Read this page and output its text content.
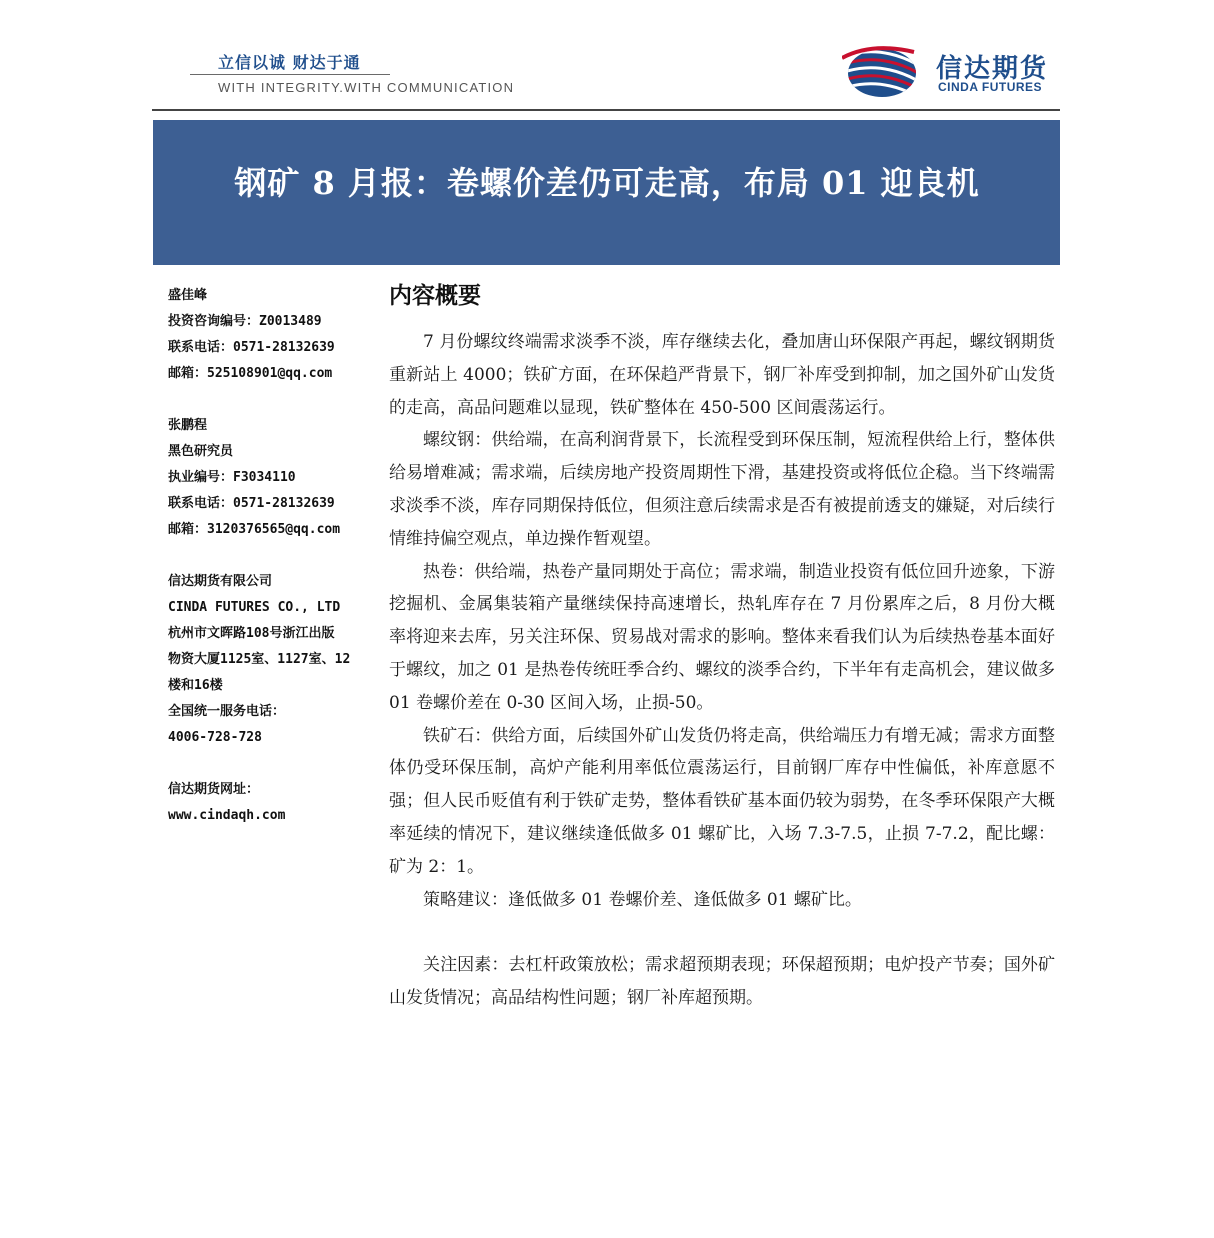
立信以诚 财达于通
WITH INTEGRITY.WITH COMMUNICATION
信达期货
CINDA FUTURES
钢矿 8 月报：卷螺价差仍可走高，布局 01 迎良机
盛佳峰
投资咨询编号：Z0013489
联系电话：0571-28132639
邮箱：525108901@qq.com
张鹏程
黑色研究员
执业编号：F3034110
联系电话：0571-28132639
邮箱：3120376565@qq.com
信达期货有限公司
CINDA FUTURES CO., LTD
杭州市文晖路108号浙江出版
物资大厦1125室、1127室、12
楼和16楼
全国统一服务电话：
4006-728-728
信达期货网址：
www.cindaqh.com
内容概要

7 月份螺纹终端需求淡季不淡，库存继续去化，叠加唐山环保限产再起，螺纹钢期货重新站上 4000；铁矿方面，在环保趋严背景下，钢厂补库受到抑制，加之国外矿山发货的走高，高品问题难以显现，铁矿整体在 450-500 区间震荡运行。

螺纹钢：供给端，在高利润背景下，长流程受到环保压制，短流程供给上行，整体供给易增难减；需求端，后续房地产投资周期性下滑，基建投资或将低位企稳。当下终端需求淡季不淡，库存同期保持低位，但须注意后续需求是否有被提前透支的嫌疑，对后续行情维持偏空观点，单边操作暂观望。

热卷：供给端，热卷产量同期处于高位；需求端，制造业投资有低位回升迹象，下游挖掘机、金属集装箱产量继续保持高速增长，热轧库存在 7 月份累库之后，8 月份大概率将迎来去库，另关注环保、贸易战对需求的影响。整体来看我们认为后续热卷基本面好于螺纹，加之 01 是热卷传统旺季合约、螺纹的淡季合约，下半年有走高机会，建议做多 01 卷螺价差在 0-30 区间入场，止损-50。

铁矿石：供给方面，后续国外矿山发货仍将走高，供给端压力有增无减；需求方面整体仍受环保压制，高炉产能利用率低位震荡运行，目前钢厂库存中性偏低，补库意愿不强；但人民币贬值有利于铁矿走势，整体看铁矿基本面仍较为弱势，在冬季环保限产大概率延续的情况下，建议继续逢低做多 01 螺矿比，入场 7.3-7.5，止损 7-7.2，配比螺：矿为 2：1。

策略建议：逢低做多 01 卷螺价差、逢低做多 01 螺矿比。

关注因素：去杠杆政策放松；需求超预期表现；环保超预期；电炉投产节奏；国外矿山发货情况；高品结构性问题；钢厂补库超预期。
